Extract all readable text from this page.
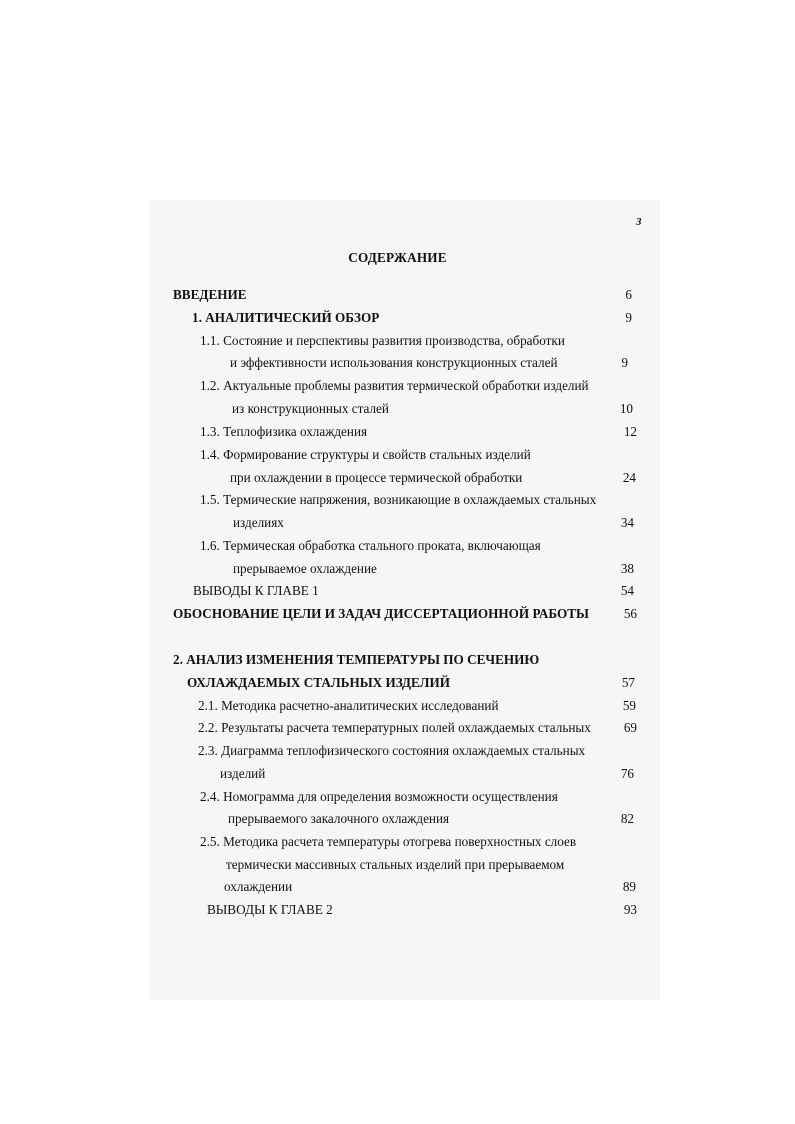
3
СОДЕРЖАНИЕ
ВВЕДЕНИЕ	6
1. АНАЛИТИЧЕСКИЙ ОБЗОР	9
1.1. Состояние и перспективы развития производства, обработки
и эффективности использования конструкционных сталей	9
1.2. Актуальные проблемы развития термической обработки изделий
из конструкционных сталей	10
1.3. Теплофизика охлаждения	12
1.4. Формирование структуры и свойств стальных изделий
при охлаждении в процессе термической обработки	24
1.5. Термические напряжения, возникающие в охлаждаемых стальных
изделиях	34
1.6. Термическая обработка стального проката, включающая
прерываемое охлаждение	38
ВЫВОДЫ К ГЛАВЕ 1	54
ОБОСНОВАНИЕ ЦЕЛИ И ЗАДАЧ ДИССЕРТАЦИОННОЙ РАБОТЫ	56
2. АНАЛИЗ ИЗМЕНЕНИЯ ТЕМПЕРАТУРЫ ПО СЕЧЕНИЮ
ОХЛАЖДАЕМЫХ СТАЛЬНЫХ ИЗДЕЛИЙ	57
2.1. Методика расчетно-аналитических исследований	59
2.2. Результаты расчета температурных полей охлаждаемых стальных	69
2.3. Диаграмма теплофизического состояния охлаждаемых стальных
изделий	76
2.4. Номограмма для определения возможности осуществления
прерываемого закалочного охлаждения	82
2.5. Методика расчета температуры отогрева поверхностных слоев
термически массивных стальных изделий при прерываемом
охлаждении	89
ВЫВОДЫ К ГЛАВЕ 2	93
